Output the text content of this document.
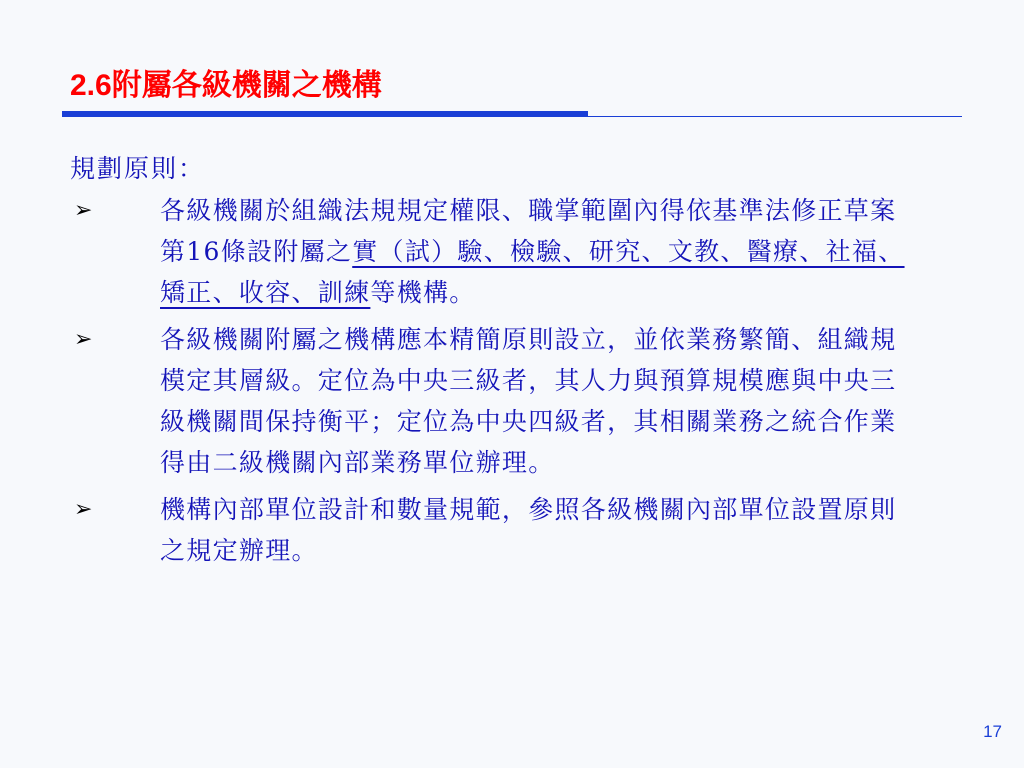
2.6附屬各級機關之機構
規劃原則：
➢	各級機關於組織法規規定權限、職掌範圍內得依基準法修正草案第16條設附屬之實（試）驗、檢驗、研究、文教、醫療、社福、矯正、收容、訓練等機構。
➢	各級機關附屬之機構應本精簡原則設立，並依業務繁簡、組織規模定其層級。定位為中央三級者，其人力與預算規模應與中央三級機關間保持衡平；定位為中央四級者，其相關業務之統合作業得由二級機關內部業務單位辦理。
➢	機構內部單位設計和數量規範，參照各級機關內部單位設置原則之規定辦理。
17
